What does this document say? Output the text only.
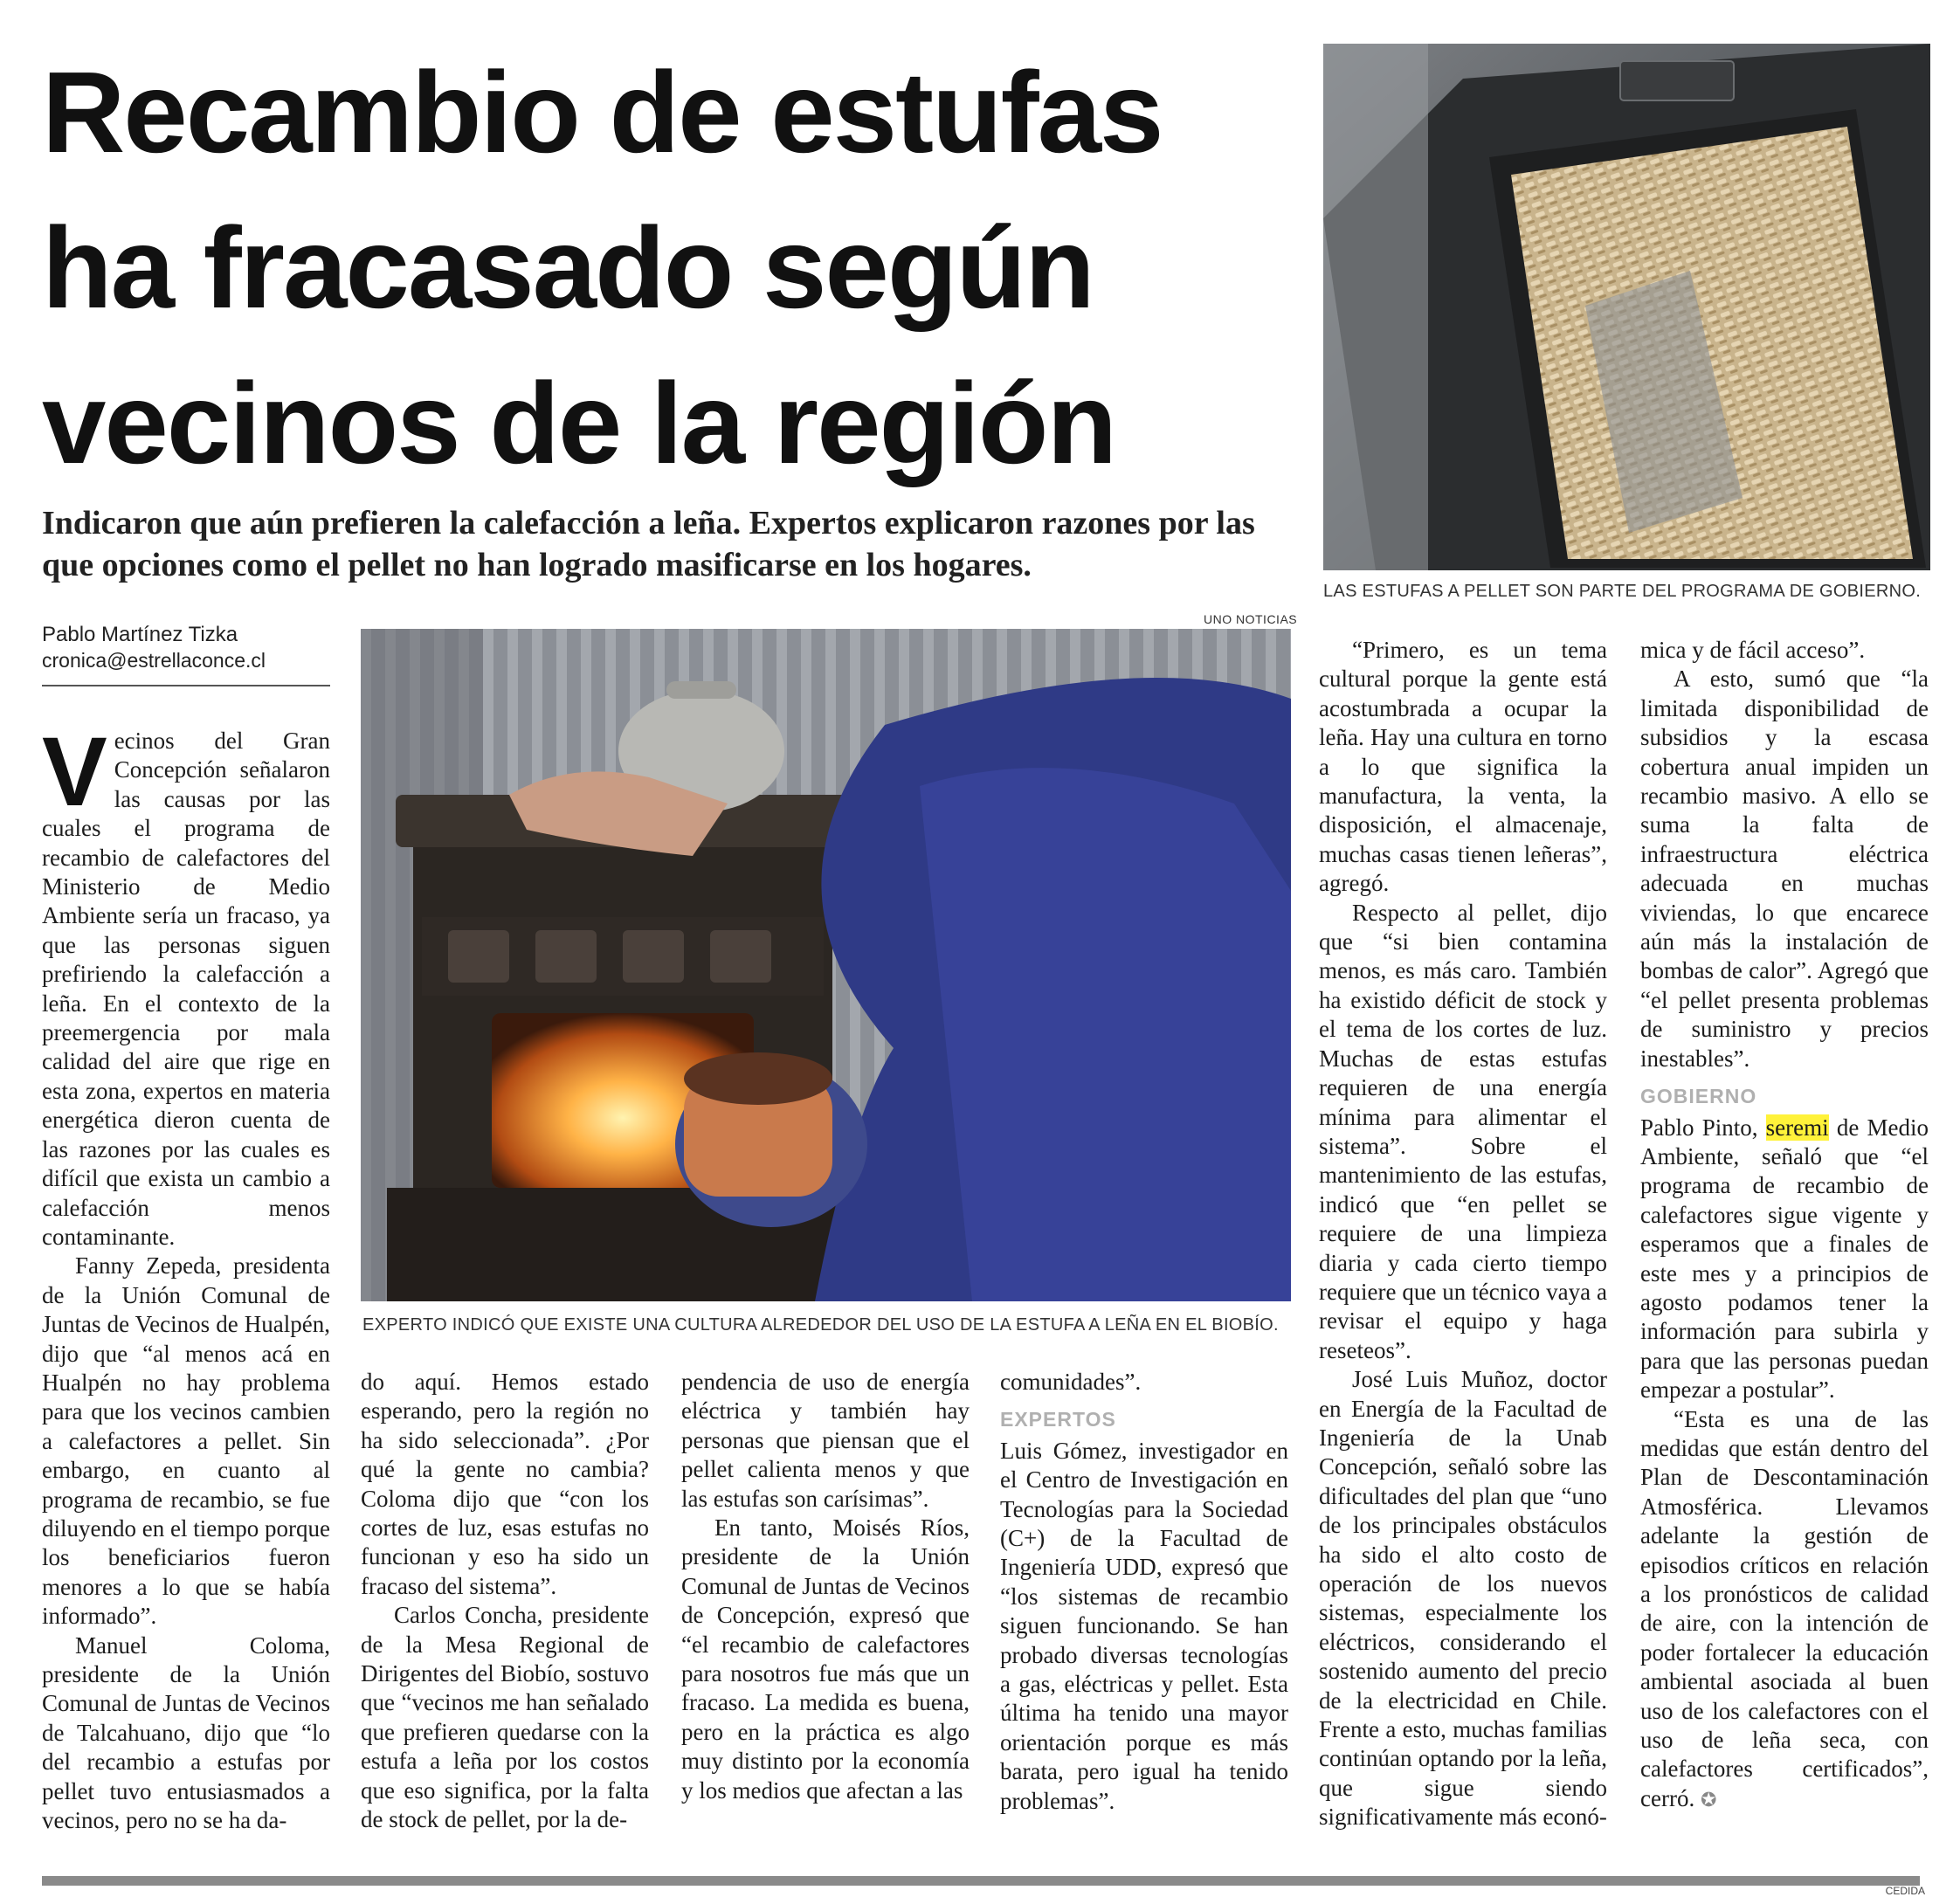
Recambio de estufas ha fracasado según vecinos de la región

Indicaron que aún prefieren la calefacción a leña. Expertos explicaron razones por las que opciones como el pellet no han logrado masificarse en los hogares.

Pablo Martínez Tizka
cronica@estrellaconce.cl
LAS ESTUFAS A PELLET SON PARTE DEL PROGRAMA DE GOBIERNO.
UNO NOTICIAS
EXPERTO INDICÓ QUE EXISTE UNA CULTURA ALREDEDOR DEL USO DE LA ESTUFA A LEÑA EN EL BIOBÍO.

Vecinos del Gran Concepción señalaron las causas por las cuales el programa de recambio de calefactores del Ministerio de Medio Ambiente sería un fracaso, ya que las personas siguen prefiriendo la calefacción a leña. En el contexto de la preemergencia por mala calidad del aire que rige en esta zona, expertos en materia energética dieron cuenta de las razones por las cuales es difícil que exista un cambio a calefacción menos contaminante.

Fanny Zepeda, presidenta de la Unión Comunal de Juntas de Vecinos de Hualpén, dijo que “al menos acá en Hualpén no hay problema para que los vecinos cambien a calefactores a pellet. Sin embargo, en cuanto al programa de recambio, se fue diluyendo en el tiempo porque los beneficiarios fueron menores a lo que se había informado”.

Manuel Coloma, presidente de la Unión Comunal de Juntas de Vecinos de Talcahuano, dijo que “lo del recambio a estufas por pellet tuvo entusiasmados a vecinos, pero no se ha da-

do aquí. Hemos estado esperando, pero la región no ha sido seleccionada”. ¿Por qué la gente no cambia? Coloma dijo que “con los cortes de luz, esas estufas no funcionan y eso ha sido un fracaso del sistema”.

Carlos Concha, presidente de la Mesa Regional de Dirigentes del Biobío, sostuvo que “vecinos me han señalado que prefieren quedarse con la estufa a leña por los costos que eso significa, por la falta de stock de pellet, por la de-

pendencia de uso de energía eléctrica y también hay personas que piensan que el pellet calienta menos y que las estufas son carísimas”.

En tanto, Moisés Ríos, presidente de la Unión Comunal de Juntas de Vecinos de Concepción, expresó que “el recambio de calefactores para nosotros fue más que un fracaso. La medida es buena, pero en la práctica es algo muy distinto por la economía y los medios que afectan a las

comunidades”.

EXPERTOS

Luis Gómez, investigador en el Centro de Investigación en Tecnologías para la Sociedad (C+) de la Facultad de Ingeniería UDD, expresó que “los sistemas de recambio siguen funcionando. Se han probado diversas tecnologías a gas, eléctricas y pellet. Esta última ha tenido una mayor orientación porque es más barata, pero igual ha tenido problemas”.

“Primero, es un tema cultural porque la gente está acostumbrada a ocupar la leña. Hay una cultura en torno a lo que significa la manufactura, la venta, la disposición, el almacenaje, muchas casas tienen leñeras”, agregó.

Respecto al pellet, dijo que “si bien contamina menos, es más caro. También ha existido déficit de stock y el tema de los cortes de luz. Muchas de estas estufas requieren de una energía mínima para alimentar el sistema”. Sobre el mantenimiento de las estufas, indicó que “en pellet se requiere de una limpieza diaria y cada cierto tiempo requiere que un técnico vaya a revisar el equipo y haga reseteos”.

José Luis Muñoz, doctor en Energía de la Facultad de Ingeniería de la Unab Concepción, señaló sobre las dificultades del plan que “uno de los principales obstáculos ha sido el alto costo de operación de los nuevos sistemas, especialmente los eléctricos, considerando el sostenido aumento del precio de la electricidad en Chile. Frente a esto, muchas familias continúan optando por la leña, que sigue siendo significativamente más econó-

mica y de fácil acceso”.

A esto, sumó que “la limitada disponibilidad de subsidios y la escasa cobertura anual impiden un recambio masivo. A ello se suma la falta de infraestructura eléctrica adecuada en muchas viviendas, lo que encarece aún más la instalación de bombas de calor”. Agregó que “el pellet presenta problemas de suministro y precios inestables”.

GOBIERNO

Pablo Pinto, seremi de Medio Ambiente, señaló que “el programa de recambio de calefactores sigue vigente y esperamos que a finales de este mes y a principios de agosto podamos tener la información para subirla y para que las personas puedan empezar a postular”.

“Esta es una de las medidas que están dentro del Plan de Descontaminación Atmosférica. Llevamos adelante la gestión de episodios críticos en relación a los pronósticos de calidad de aire, con la intención de poder fortalecer la educación ambiental asociada al buen uso de los calefactores con el uso de leña seca, con calefactores certificados”, cerró. ✪

CEDIDA
